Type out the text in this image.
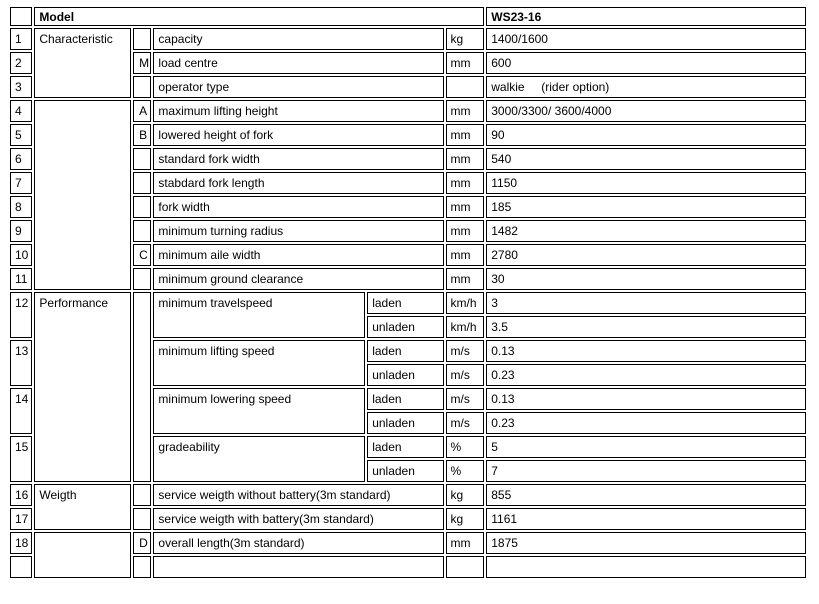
	Model					WS23-16
1	Characteristic		capacity		kg	1400/1600
2		M	load centre		mm	600
3			operator type			walkie     (rider option)
4		A	maximum lifting height		mm	3000/3300/ 3600/4000
5		B	lowered height of fork		mm	90
6			standard fork width		mm	540
7			stabdard fork length		mm	1150
8			fork width		mm	185
9			minimum turning radius		mm	1482
10		C	minimum aile width		mm	2780
11			minimum ground clearance		mm	30
12	Performance		minimum travelspeed	laden	km/h	3
				unladen	km/h	3.5
13			minimum lifting speed	laden	m/s	0.13
				unladen	m/s	0.23
14			minimum lowering speed	laden	m/s	0.13
				unladen	m/s	0.23
15			gradeability	laden	%	5
				unladen	%	7
16	Weigth		service weigth without battery(3m standard)		kg	855
17			service weigth with battery(3m standard)		kg	1161
18		D	overall length(3m standard)		mm	1875
